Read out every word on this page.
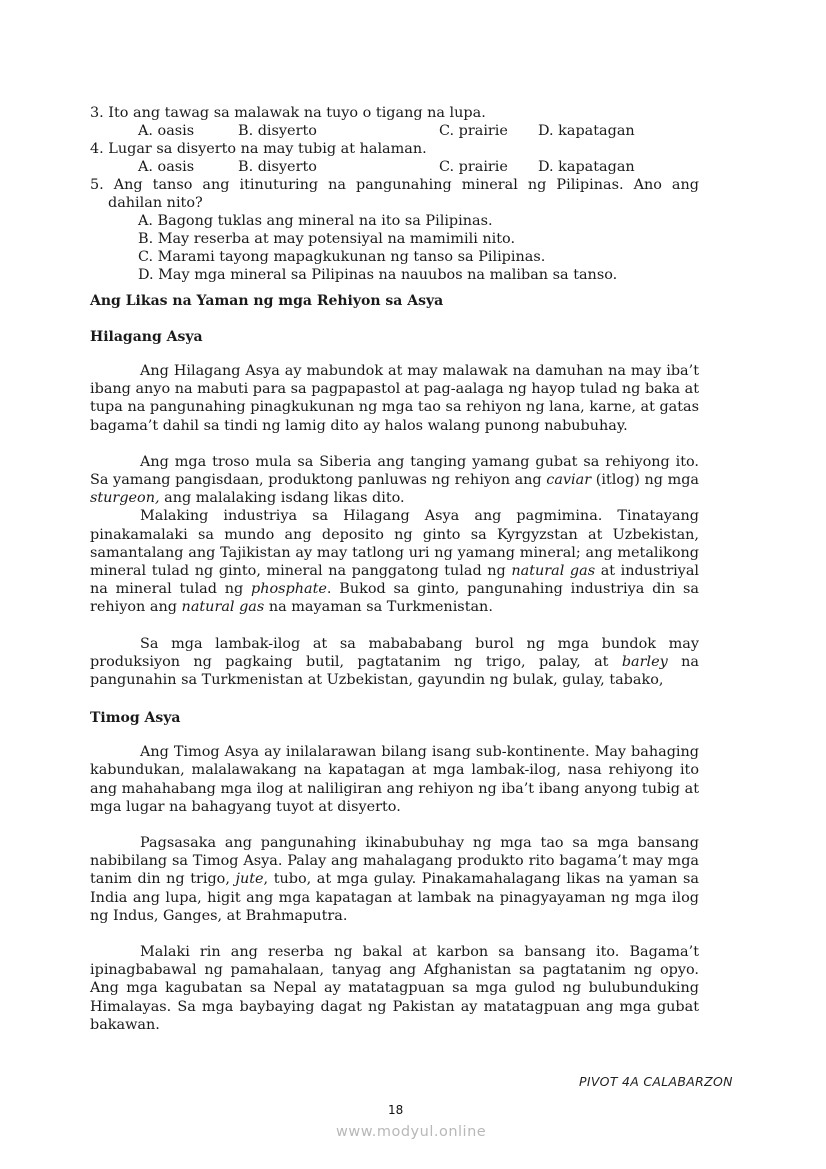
3. Ito ang tawag sa malawak na tuyo o tigang na lupa.
A. oasis	B. disyerto	C. prairie D. kapatagan
4. Lugar sa disyerto na may tubig at halaman.
A. oasis	B. disyerto	C. prairie D. kapatagan
5. Ang tanso ang itinuturing na pangunahing mineral ng Pilipinas. Ano ang
dahilan nito?
A. Bagong tuklas ang mineral na ito sa Pilipinas.
B. May reserba at may potensiyal na mamimili nito.
C. Marami tayong mapagkukunan ng tanso sa Pilipinas.
D. May mga mineral sa Pilipinas na nauubos na maliban sa tanso.
Ang Likas na Yaman ng mga Rehiyon sa Asya
Hilagang Asya

Ang Hilagang Asya ay mabundok at may malawak na damuhan na may iba’t ibang anyo na mabuti para sa pagpapastol at pag-aalaga ng hayop tulad ng baka at tupa na pangunahing pinagkukunan ng mga tao sa rehiyon ng lana, karne, at gatas bagama’t dahil sa tindi ng lamig dito ay halos walang punong nabubuhay.

Ang mga troso mula sa Siberia ang tanging yamang gubat sa rehiyong ito. Sa yamang pangisdaan, produktong panluwas ng rehiyon ang caviar (itlog) ng mga sturgeon, ang malalaking isdang likas dito.

Malaking industriya sa Hilagang Asya ang pagmimina. Tinatayang pinakamalaki sa mundo ang deposito ng ginto sa Kyrgyzstan at Uzbekistan, samantalang ang Tajikistan ay may tatlong uri ng yamang mineral; ang metalikong mineral tulad ng ginto, mineral na panggatong tulad ng natural gas at industriyal na mineral tulad ng phosphate. Bukod sa ginto, pangunahing industriya din sa rehiyon ang natural gas na mayaman sa Turkmenistan.

Sa mga lambak-ilog at sa mabababang burol ng mga bundok may produksiyon ng pagkaing butil, pagtatanim ng trigo, palay, at barley na pangunahin sa Turkmenistan at Uzbekistan, gayundin ng bulak, gulay, tabako,

Timog Asya

Ang Timog Asya ay inilalarawan bilang isang sub-kontinente. May bahaging kabundukan, malalawakang na kapatagan at mga lambak-ilog, nasa rehiyong ito ang mahahabang mga ilog at naliligiran ang rehiyon ng iba’t ibang anyong tubig at mga lugar na bahagyang tuyot at disyerto.

Pagsasaka ang pangunahing ikinabubuhay ng mga tao sa mga bansang nabibilang sa Timog Asya. Palay ang mahalagang produkto rito bagama’t may mga tanim din ng trigo, jute, tubo, at mga gulay. Pinakamahalagang likas na yaman sa India ang lupa, higit ang mga kapatagan at lambak na pinagyayaman ng mga ilog ng Indus, Ganges, at Brahmaputra.

Malaki rin ang reserba ng bakal at karbon sa bansang ito. Bagama’t ipinagbabawal ng pamahalaan, tanyag ang Afghanistan sa pagtatanim ng opyo. Ang mga kagubatan sa Nepal ay matatagpuan sa mga gulod ng bulubunduking Himalayas. Sa mga baybaying dagat ng Pakistan ay matatagpuan ang mga gubat bakawan.

PIVOT 4A CALABARZON
18
www.modyul.online
